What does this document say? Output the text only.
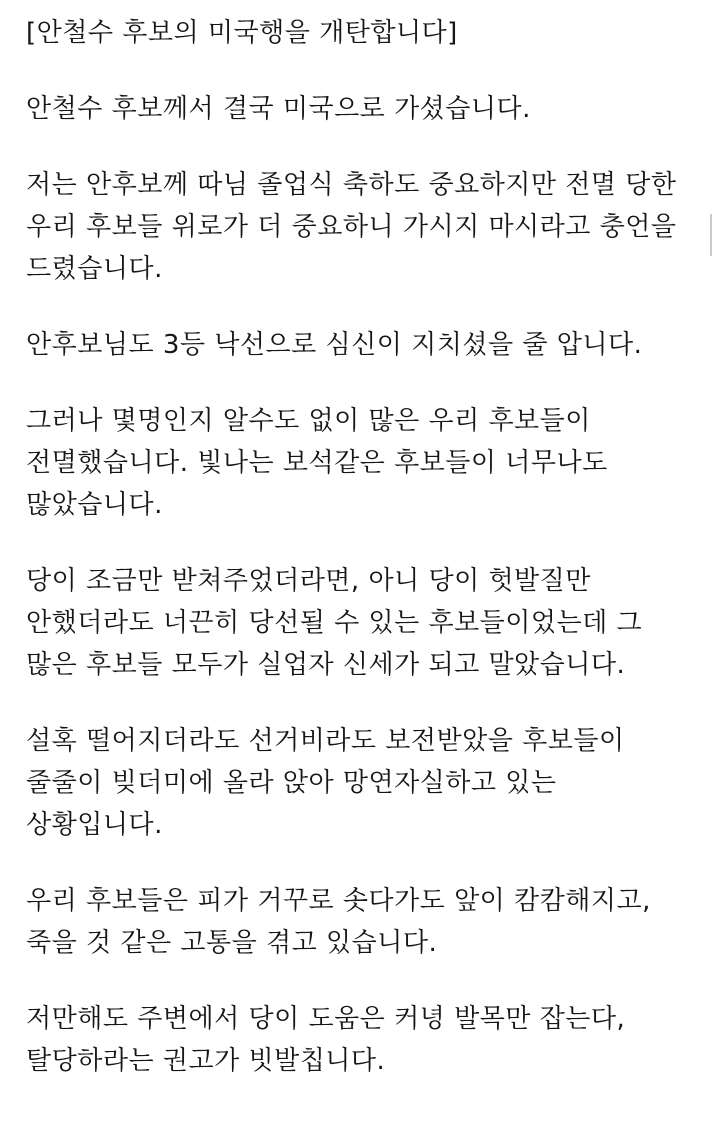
[안철수 후보의 미국행을 개탄합니다]
안철수 후보께서 결국 미국으로 가셨습니다.
저는 안후보께 따님 졸업식 축하도 중요하지만 전멸 당한
우리 후보들 위로가 더 중요하니 가시지 마시라고 충언을
드렸습니다.
안후보님도 3등 낙선으로 심신이 지치셨을 줄 압니다.
그러나 몇명인지 알수도 없이 많은 우리 후보들이
전멸했습니다. 빛나는 보석같은 후보들이 너무나도
많았습니다.
당이 조금만 받쳐주었더라면, 아니 당이 헛발질만
안했더라도 너끈히 당선될 수 있는 후보들이었는데 그
많은 후보들 모두가 실업자 신세가 되고 말았습니다.
설혹 떨어지더라도 선거비라도 보전받았을 후보들이
줄줄이 빚더미에 올라 앉아 망연자실하고 있는
상황입니다.
우리 후보들은 피가 거꾸로 솟다가도 앞이 캄캄해지고,
죽을 것 같은 고통을 겪고 있습니다.
저만해도 주변에서 당이 도움은 커녕 발목만 잡는다,
탈당하라는 권고가 빗발칩니다.
